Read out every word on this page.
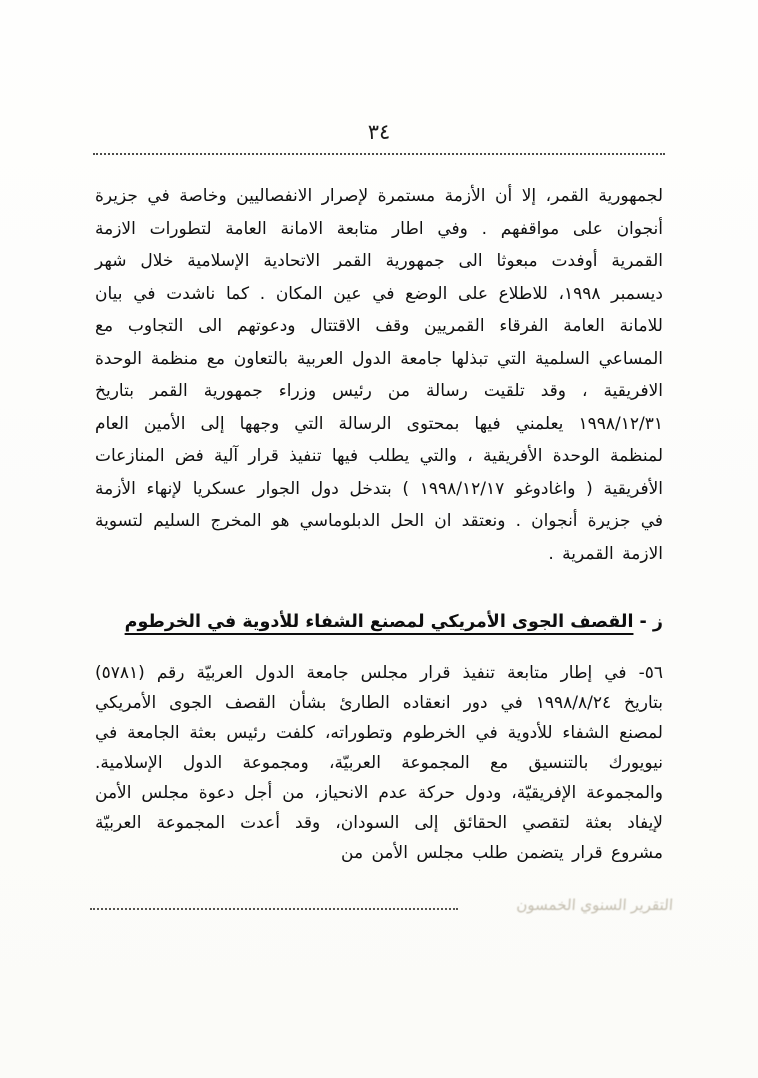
٣٤
لجمهورية القمر، إلا أن الأزمة مستمرة لإصرار الانفصاليين وخاصة في جزيرة أنجوان على مواقفهم . وفي اطار متابعة الامانة العامة لتطورات الازمة القمرية أوفدت مبعوثا الى جمهورية القمر الاتحادية الإسلامية خلال شهر ديسمبر ١٩٩٨، للاطلاع على الوضع في عين المكان . كما ناشدت في بيان للامانة العامة الفرقاء القمريين وقف الاقتتال ودعوتهم الى التجاوب مع المساعي السلمية التي تبذلها جامعة الدول العربية بالتعاون مع منظمة الوحدة الافريقية ، وقد تلقيت رسالة من رئيس وزراء جمهورية القمر بتاريخ ١٩٩٨/١٢/٣١ يعلمني فيها بمحتوى الرسالة التي وجهها إلى الأمين العام لمنظمة الوحدة الأفريقية ، والتي يطلب فيها تنفيذ قرار آلية فض المنازعات الأفريقية ( واغادوغو ١٩٩٨/١٢/١٧ ) بتدخل دول الجوار عسكريا لإنهاء الأزمة في جزيرة أنجوان . ونعتقد ان الحل الدبلوماسي هو المخرج السليم لتسوية الازمة القمرية .
ز - القصف الجوى الأمريكي لمصنع الشفاء للأدوية في الخرطوم
٥٦- في إطار متابعة تنفيذ قرار مجلس جامعة الدول العربيّة رقم (٥٧٨١) بتاريخ ١٩٩٨/٨/٢٤ في دور انعقاده الطارئ بشأن القصف الجوى الأمريكي لمصنع الشفاء للأدوية في الخرطوم وتطوراته، كلفت رئيس بعثة الجامعة في نيويورك بالتنسيق مع المجموعة العربيّة، ومجموعة الدول الإسلامية. والمجموعة الإفريقيّة، ودول حركة عدم الانحياز، من أجل دعوة مجلس الأمن لإيفاد بعثة لتقصي الحقائق إلى السودان، وقد أعدت المجموعة العربيّة مشروع قرار يتضمن طلب مجلس الأمن من
التقرير السنوي الخمسون
